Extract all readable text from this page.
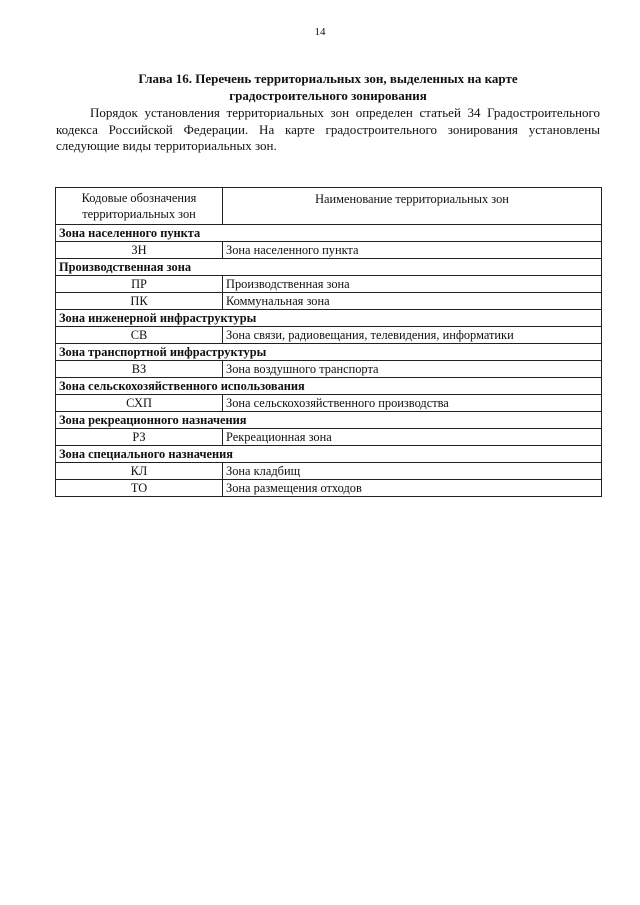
14
Глава 16. Перечень территориальных зон, выделенных на карте
градостроительного зонирования

Порядок установления территориальных зон определен статьей 34 Градостроительного кодекса Российской Федерации. На карте градостроительного зонирования установлены следующие виды территориальных зон.

Кодовые обозначения
территориальных зон	Наименование территориальных зон
Зона населенного пункта	
ЗН	Зона населенного пункта
Производственная зона	
ПР	Производственная зона
ПК	Коммунальная зона
Зона инженерной инфраструктуры	
СВ	Зона связи, радиовещания, телевидения, информатики
Зона транспортной инфраструктуры	
ВЗ	Зона воздушного транспорта
Зона сельскохозяйственного использования	
СХП	Зона сельскохозяйственного производства
Зона рекреационного назначения	
РЗ	Рекреационная зона
Зона специального назначения	
КЛ	Зона кладбищ
ТО	Зона размещения отходов
